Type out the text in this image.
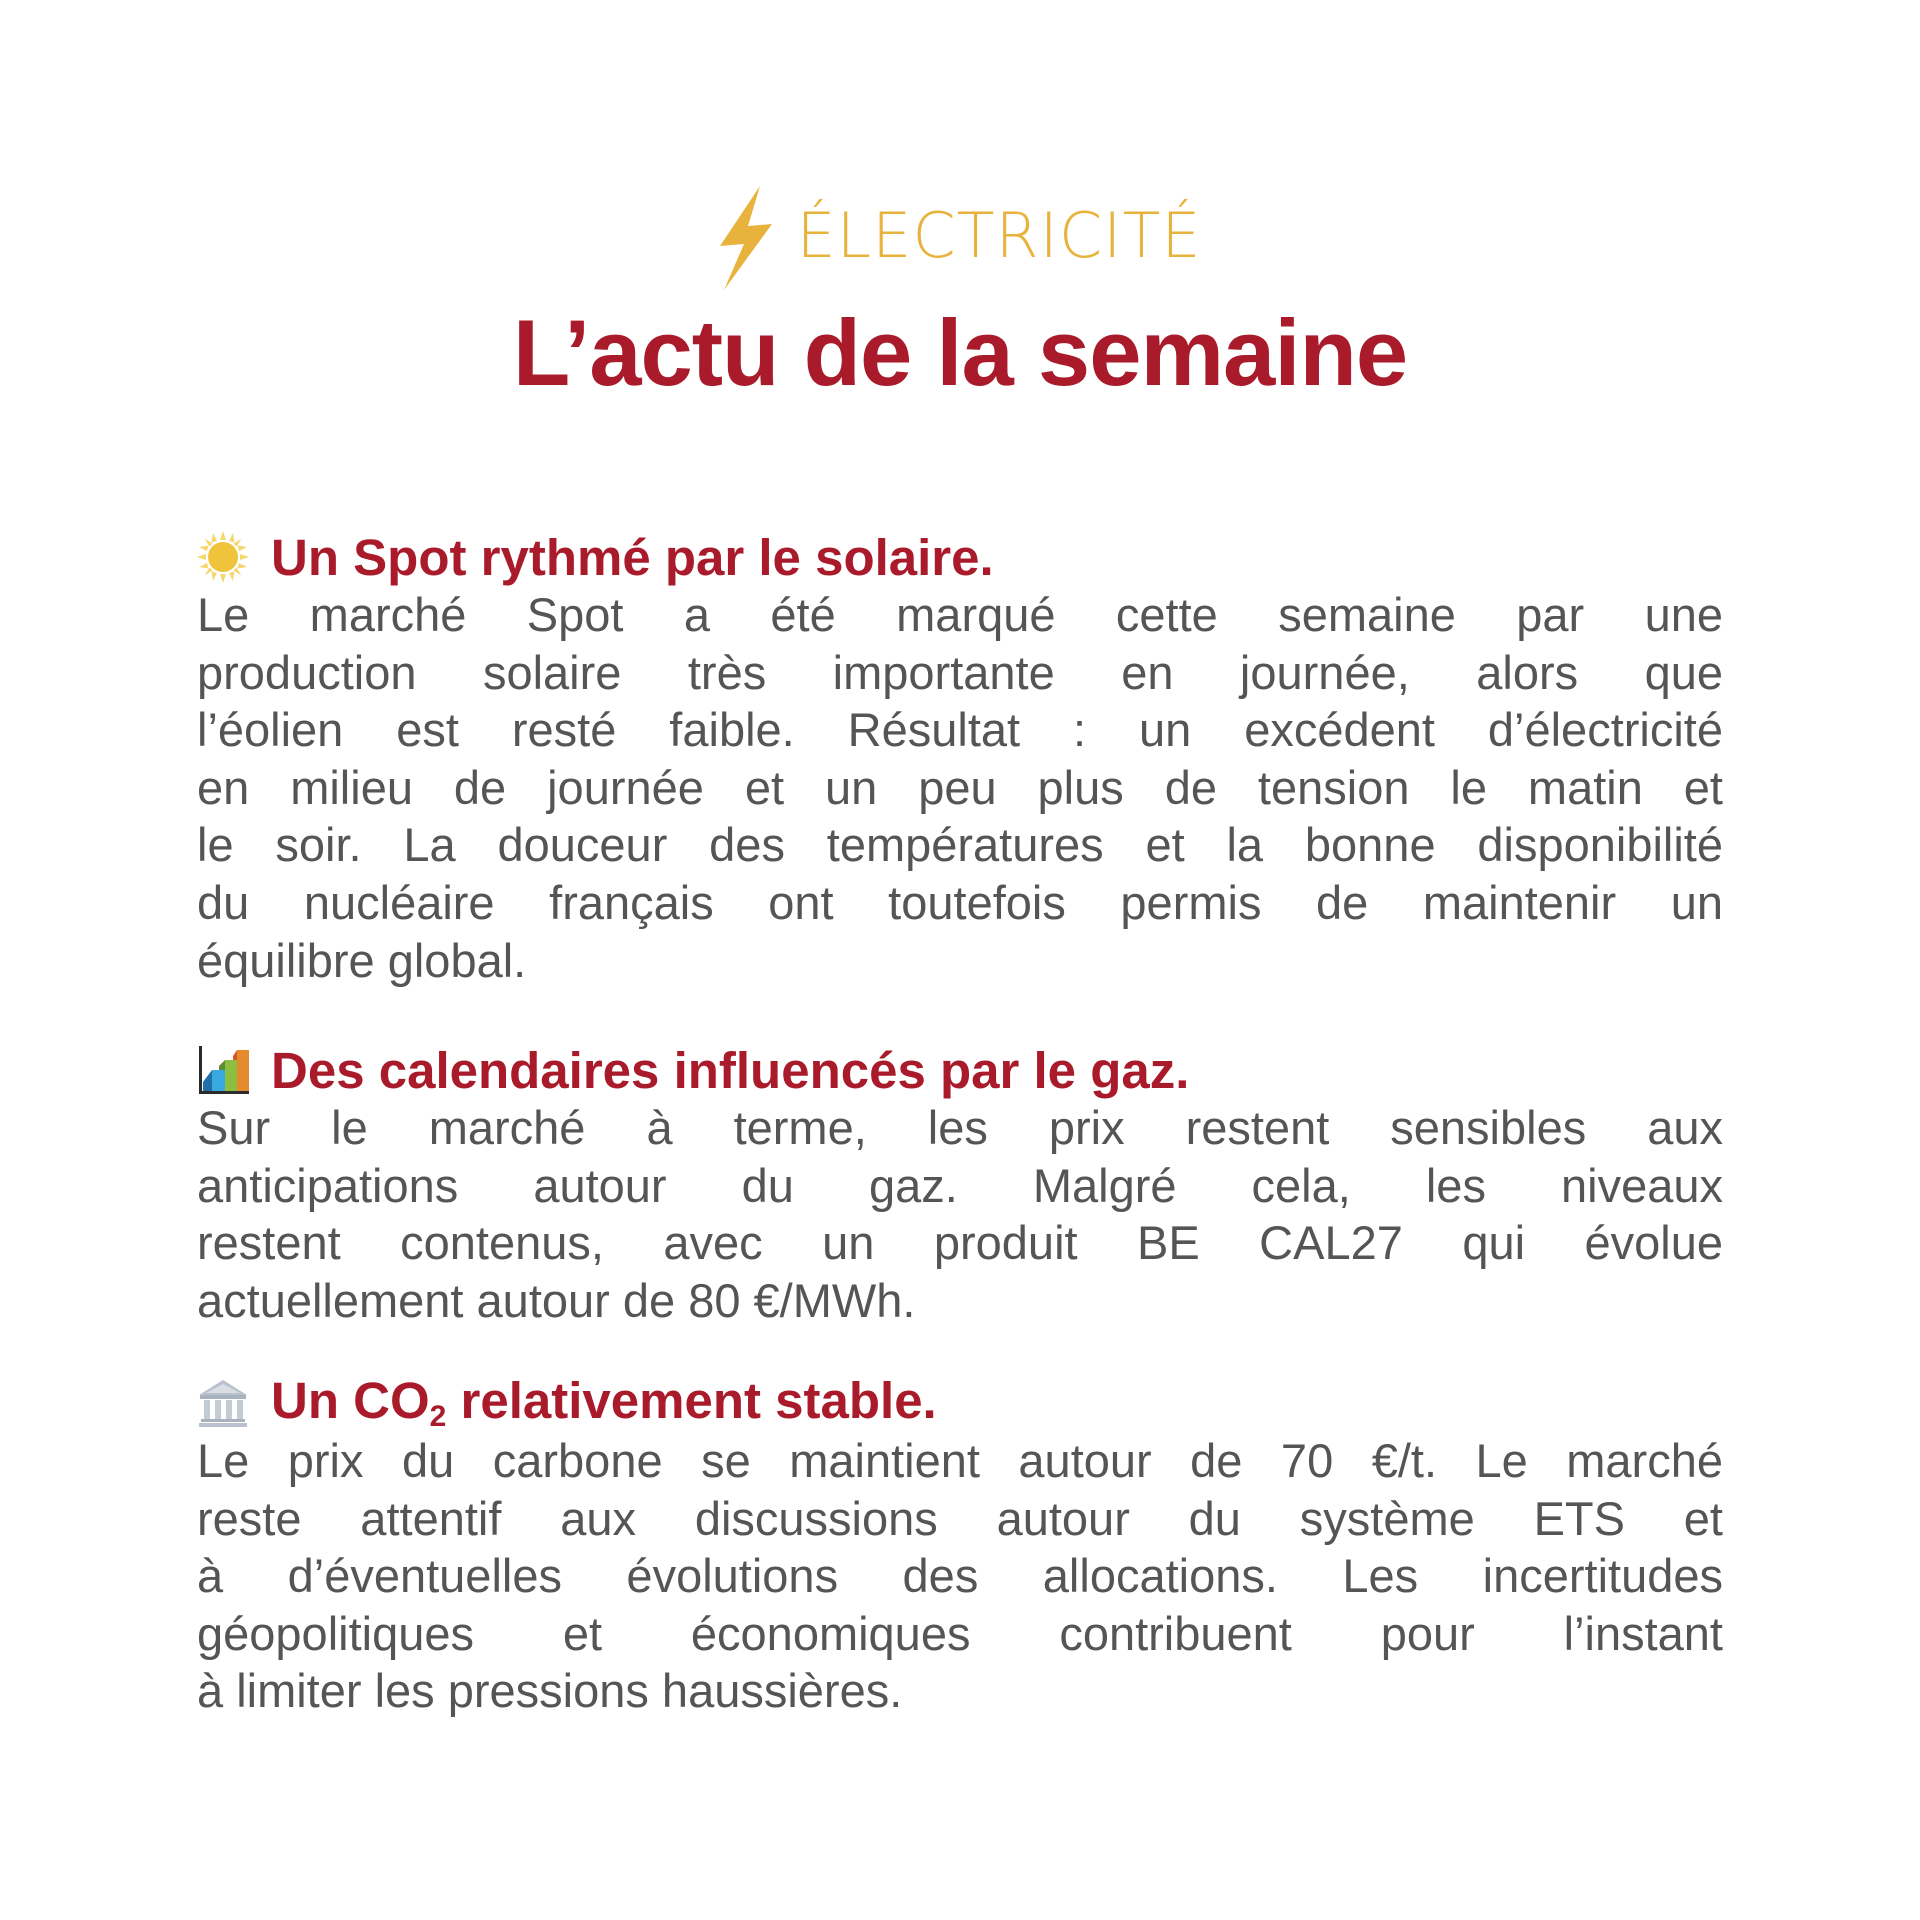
ÉLECTRICITÉ
L’actu de la semaine
Un Spot rythmé par le solaire.
Le marché Spot a été marqué cette semaine par une
production solaire très importante en journée, alors que
l’éolien est resté faible. Résultat : un excédent d’électricité
en milieu de journée et un peu plus de tension le matin et
le soir. La douceur des températures et la bonne disponibilité
du nucléaire français ont toutefois permis de maintenir un
équilibre global.
Des calendaires influencés par le gaz.
Sur le marché à terme, les prix restent sensibles aux
anticipations autour du gaz. Malgré cela, les niveaux
restent contenus, avec un produit BE CAL27 qui évolue
actuellement autour de 80 €/MWh.
Un $CO_2$ relativement stable.
Le prix du carbone se maintient autour de 70 €/t. Le marché
reste attentif aux discussions autour du système ETS et
à d’éventuelles évolutions des allocations. Les incertitudes
géopolitiques et économiques contribuent pour l’instant
à limiter les pressions haussières.
